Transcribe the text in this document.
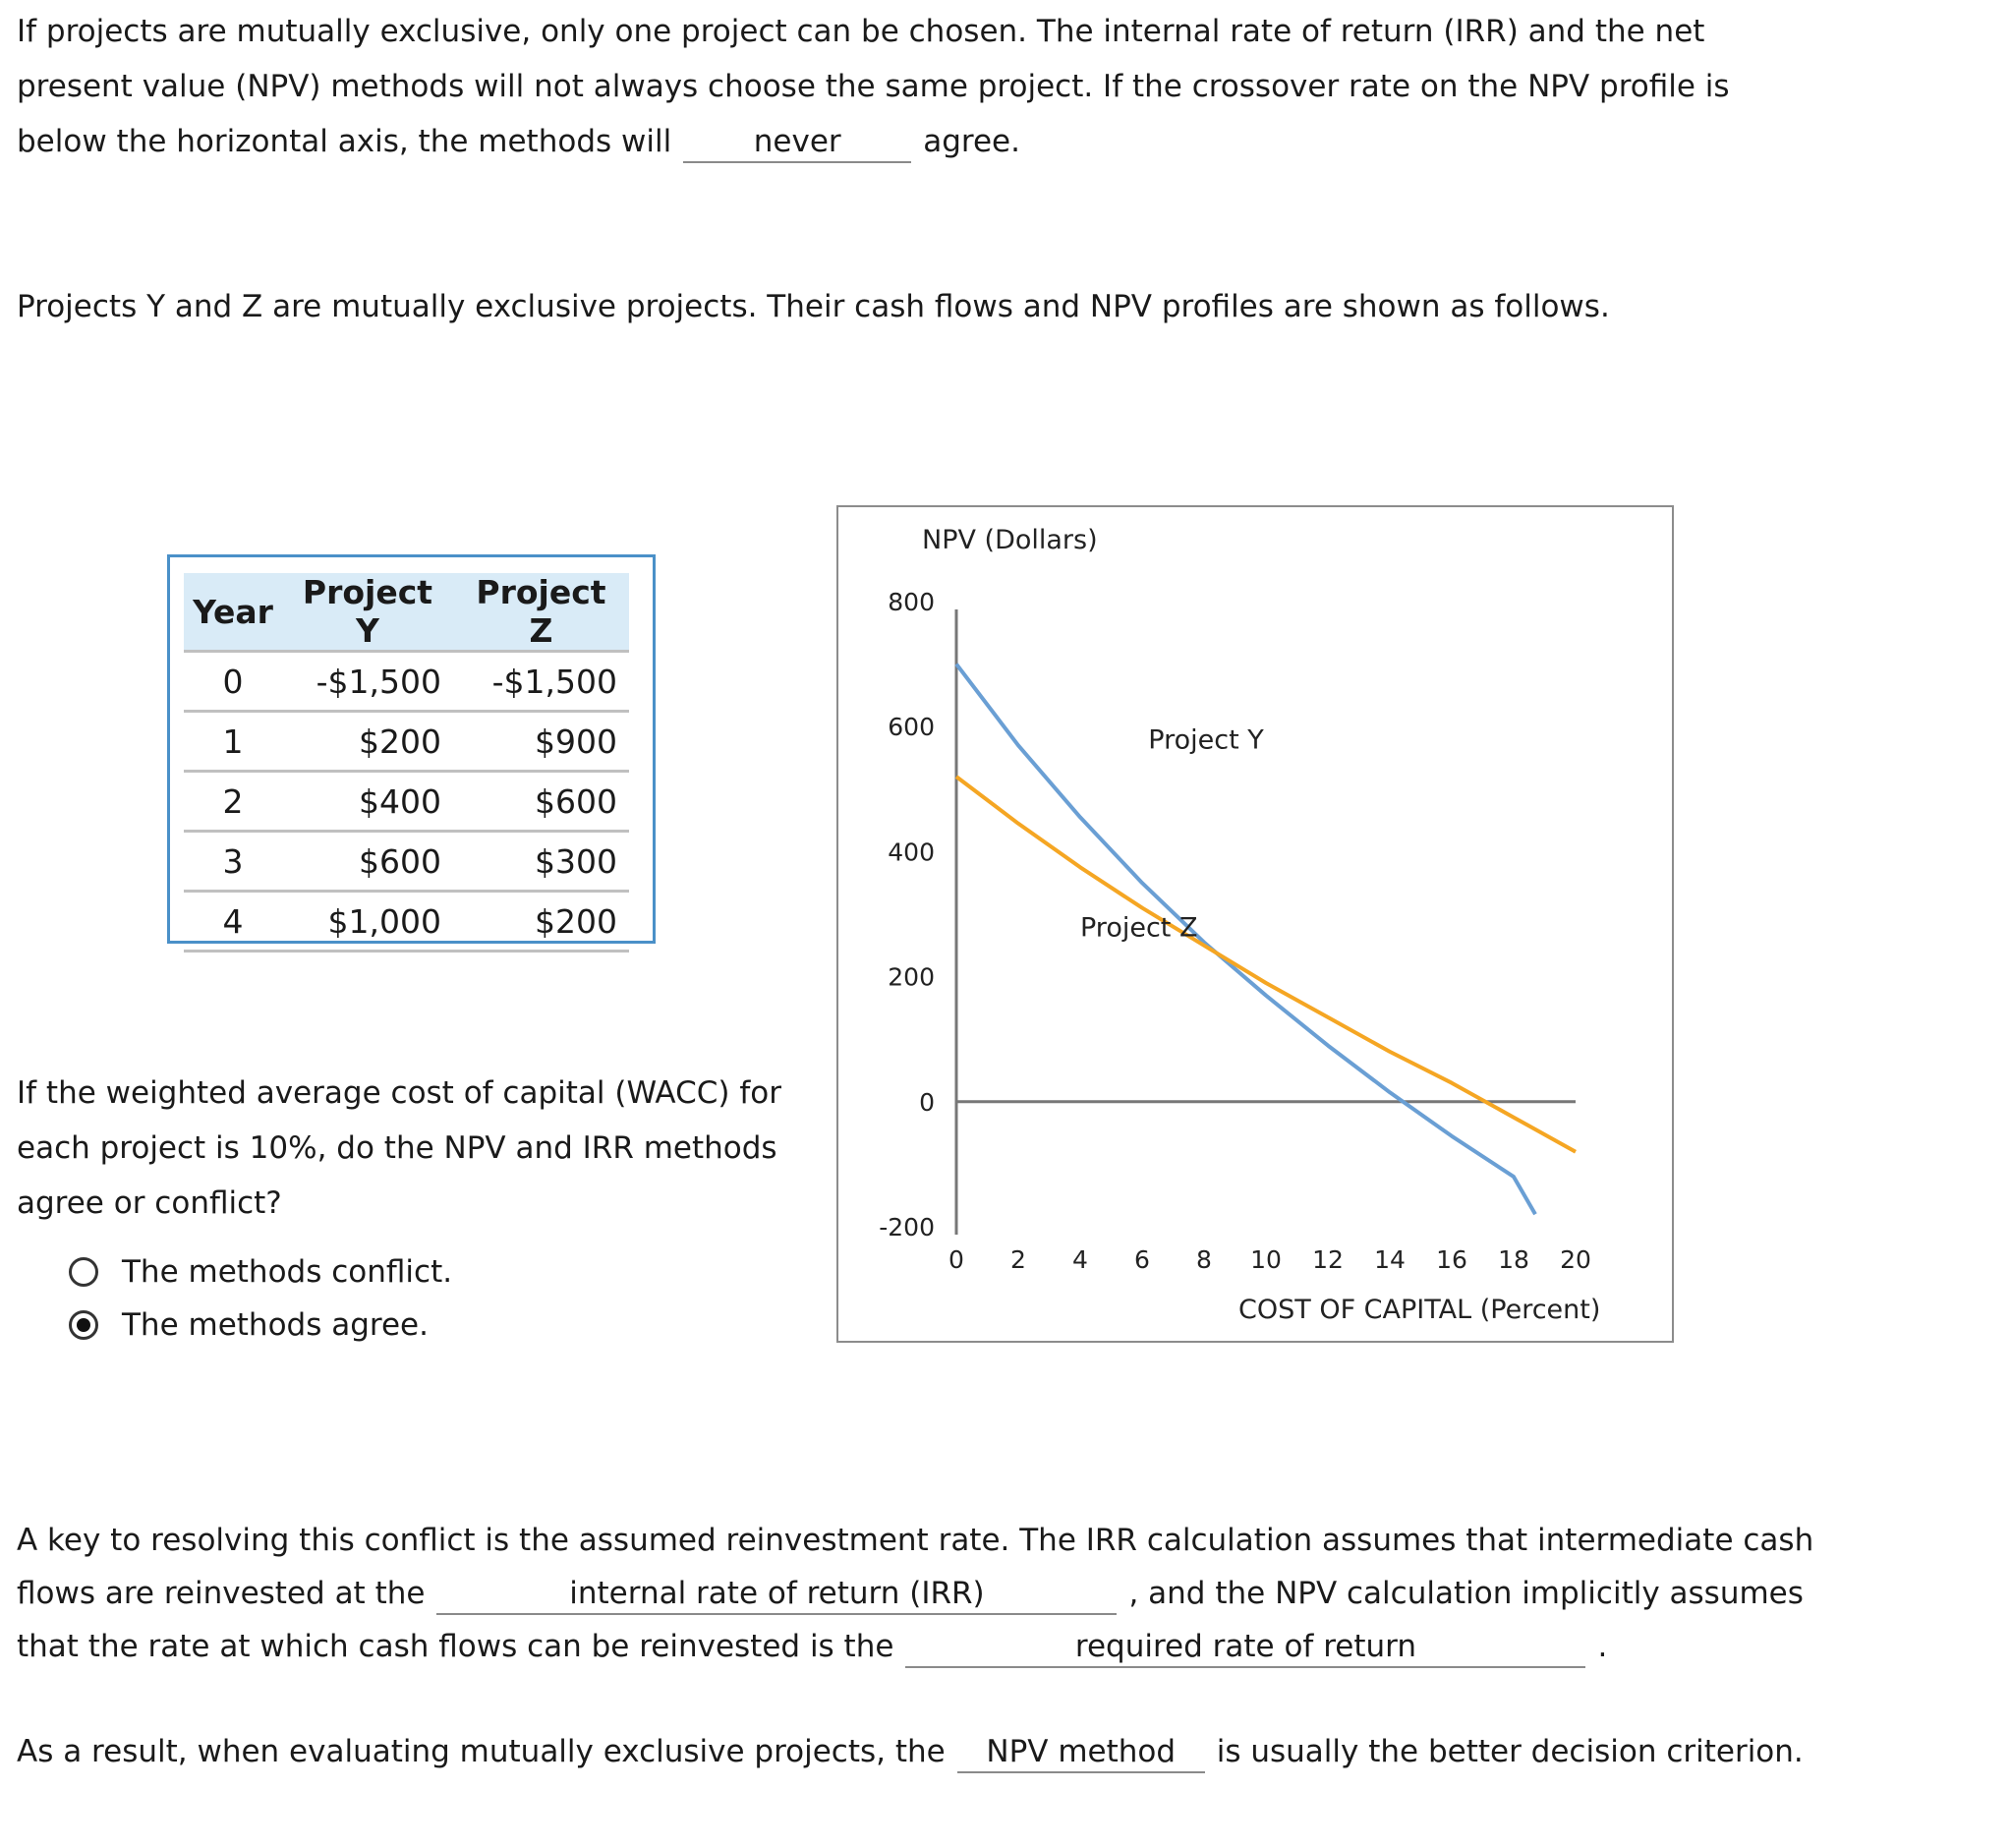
If projects are mutually exclusive, only one project can be chosen. The internal rate of return (IRR) and the net
present value (NPV) methods will not always choose the same project. If the crossover rate on the NPV profile is
below the horizontal axis, the methods will	never	agree.
Projects Y and Z are mutually exclusive projects. Their cash flows and NPV profiles are shown as follows.
Year	Project Y	Project Z
0	-$1,500	-$1,500
1	$200	$900
2	$400	$600
3	$600	$300
4	$1,000	$200
If the weighted average cost of capital (WACC) for each project is 10%, do the NPV and IRR methods agree or conflict?
The methods conflict.
The methods agree.
NPV (Dollars)
COST OF CAPITAL (Percent)
800
600
400
200
0
-200
0 2 4 6 8 10 12 14 16 18 20
Project Y
Project Z
A key to resolving this conflict is the assumed reinvestment rate. The IRR calculation assumes that intermediate cash
flows are reinvested at the	internal rate of return (IRR)	, and the NPV calculation implicitly assumes
that the rate at which cash flows can be reinvested is the	required rate of return	.
As a result, when evaluating mutually exclusive projects, the NPV method is usually the better decision criterion.
